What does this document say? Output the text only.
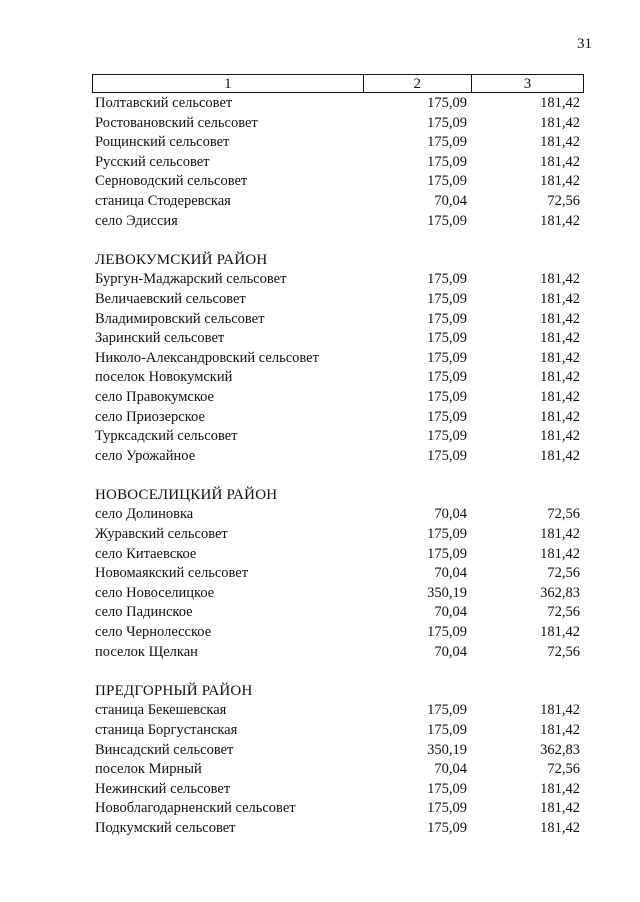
31
1	2	3
Полтавский сельсовет	175,09	181,42
Ростовановский сельсовет	175,09	181,42
Рощинский сельсовет	175,09	181,42
Русский сельсовет	175,09	181,42
Серноводский сельсовет	175,09	181,42
станица Стодеревская	70,04	72,56
село Эдиссия	175,09	181,42
ЛЕВОКУМСКИЙ РАЙОН
Бургун-Маджарский сельсовет	175,09	181,42
Величаевский сельсовет	175,09	181,42
Владимировский сельсовет	175,09	181,42
Заринский сельсовет	175,09	181,42
Николо-Александровский сельсовет	175,09	181,42
поселок Новокумский	175,09	181,42
село Правокумское	175,09	181,42
село Приозерское	175,09	181,42
Турксадский сельсовет	175,09	181,42
село Урожайное	175,09	181,42
НОВОСЕЛИЦКИЙ РАЙОН
село Долиновка	70,04	72,56
Журавский сельсовет	175,09	181,42
село Китаевское	175,09	181,42
Новомаякский сельсовет	70,04	72,56
село Новоселицкое	350,19	362,83
село Падинское	70,04	72,56
село Чернолесское	175,09	181,42
поселок Щелкан	70,04	72,56
ПРЕДГОРНЫЙ РАЙОН
станица Бекешевская	175,09	181,42
станица Боргустанская	175,09	181,42
Винсадский сельсовет	350,19	362,83
поселок Мирный	70,04	72,56
Нежинский сельсовет	175,09	181,42
Новоблагодарненский сельсовет	175,09	181,42
Подкумский сельсовет	175,09	181,42
